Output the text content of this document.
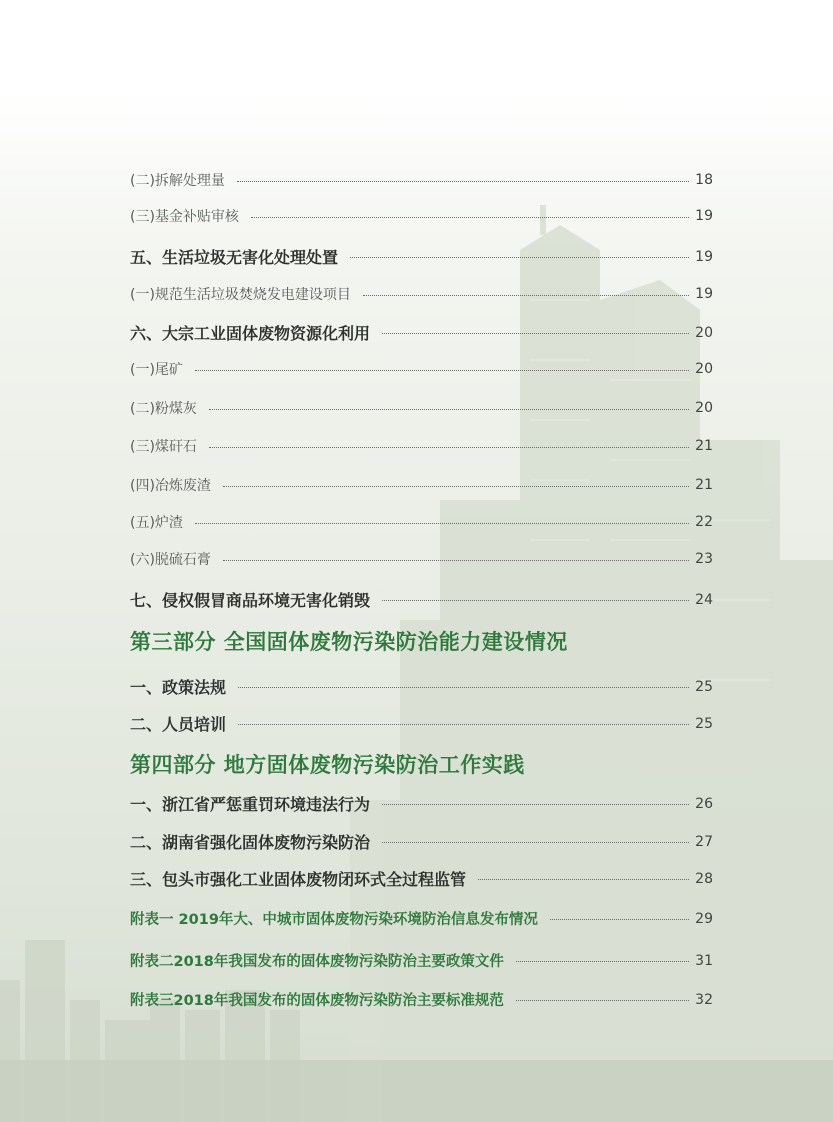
(二)拆解处理量	18
(三)基金补贴审核	19
五、生活垃圾无害化处理处置	19
(一)规范生活垃圾焚烧发电建设项目	19
六、大宗工业固体废物资源化利用	20
(一)尾矿	20
(二)粉煤灰	20
(三)煤矸石	21
(四)冶炼废渣	21
(五)炉渣	22
(六)脱硫石膏	23
七、侵权假冒商品环境无害化销毁	24
第三部分 全国固体废物污染防治能力建设情况
一、政策法规	25
二、人员培训	25
第四部分 地方固体废物污染防治工作实践
一、浙江省严惩重罚环境违法行为	26
二、湖南省强化固体废物污染防治	27
三、包头市强化工业固体废物闭环式全过程监管	28
附表一 2019年大、中城市固体废物污染环境防治信息发布情况	29
附表二2018年我国发布的固体废物污染防治主要政策文件	31
附表三2018年我国发布的固体废物污染防治主要标准规范	32
